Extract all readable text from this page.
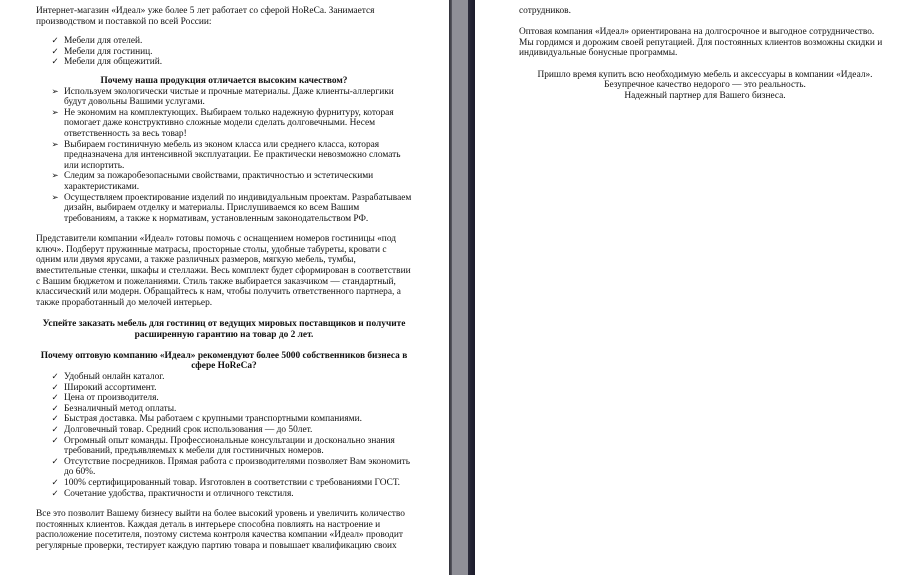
Интернет-магазин «Идеал» уже более 5 лет работает со сферой HoReCa. Занимается производством и поставкой по всей России:

✓ Мебели для отелей.
✓ Мебели для гостиниц.
✓ Мебели для общежитий.

Почему наша продукция отличается высоким качеством?

➢ Используем экологически чистые и прочные материалы. Даже клиенты-аллергики будут довольны Вашими услугами.
➢ Не экономим на комплектующих. Выбираем только надежную фурнитуру, которая помогает даже конструктивно сложные модели сделать долговечными. Несем ответственность за весь товар!
➢ Выбираем гостиничную мебель из эконом класса или среднего класса, которая предназначена для интенсивной эксплуатации. Ее практически невозможно сломать или испортить.
➢ Следим за пожаробезопасными свойствами, практичностью и эстетическими характеристиками.
➢ Осуществляем проектирование изделий по индивидуальным проектам. Разрабатываем дизайн, выбираем отделку и материалы. Прислушиваемся ко всем Вашим требованиям, а также к нормативам, установленным законодательством РФ.

Представители компании «Идеал» готовы помочь с оснащением номеров гостиницы «под ключ». Подберут пружинные матрасы, просторные столы, удобные табуреты, кровати с одним или двумя ярусами, а также различных размеров, мягкую мебель, тумбы, вместительные стенки, шкафы и стеллажи. Весь комплект будет сформирован в соответствии с Вашим бюджетом и пожеланиями. Стиль также выбирается заказчиком — стандартный, классический или модерн. Обращайтесь к нам, чтобы получить ответственного партнера, а также проработанный до мелочей интерьер.

Успейте заказать мебель для гостиниц от ведущих мировых поставщиков и получите расширенную гарантию на товар до 2 лет.

Почему оптовую компанию «Идеал» рекомендуют более 5000 собственников бизнеса в сфере HoReCa?

✓ Удобный онлайн каталог.
✓ Широкий ассортимент.
✓ Цена от производителя.
✓ Безналичный метод оплаты.
✓ Быстрая доставка. Мы работаем с крупными транспортными компаниями.
✓ Долговечный товар. Средний срок использования — до 50лет.
✓ Огромный опыт команды. Профессиональные консультации и досконально знания требований, предъявляемых к мебели для гостиничных номеров.
✓ Отсутствие посредников. Прямая работа с производителями позволяет Вам экономить до 60%.
✓ 100% сертифицированный товар. Изготовлен в соответствии с требованиями ГОСТ.
✓ Сочетание удобства, практичности и отличного текстиля.

Все это позволит Вашему бизнесу выйти на более высокий уровень и увеличить количество постоянных клиентов. Каждая деталь в интерьере способна повлиять на настроение и расположение посетителя, поэтому система контроля качества компании «Идеал» проводит регулярные проверки, тестирует каждую партию товара и повышает квалификацию своих

сотрудников.

Оптовая компания «Идеал» ориентирована на долгосрочное и выгодное сотрудничество. Мы гордимся и дорожим своей репутацией. Для постоянных клиентов возможны скидки и индивидуальные бонусные программы.

Пришло время купить всю необходимую мебель и аксессуары в компании «Идеал».

Безупречное качество недорого — это реальность.

Надежный партнер для Вашего бизнеса.
